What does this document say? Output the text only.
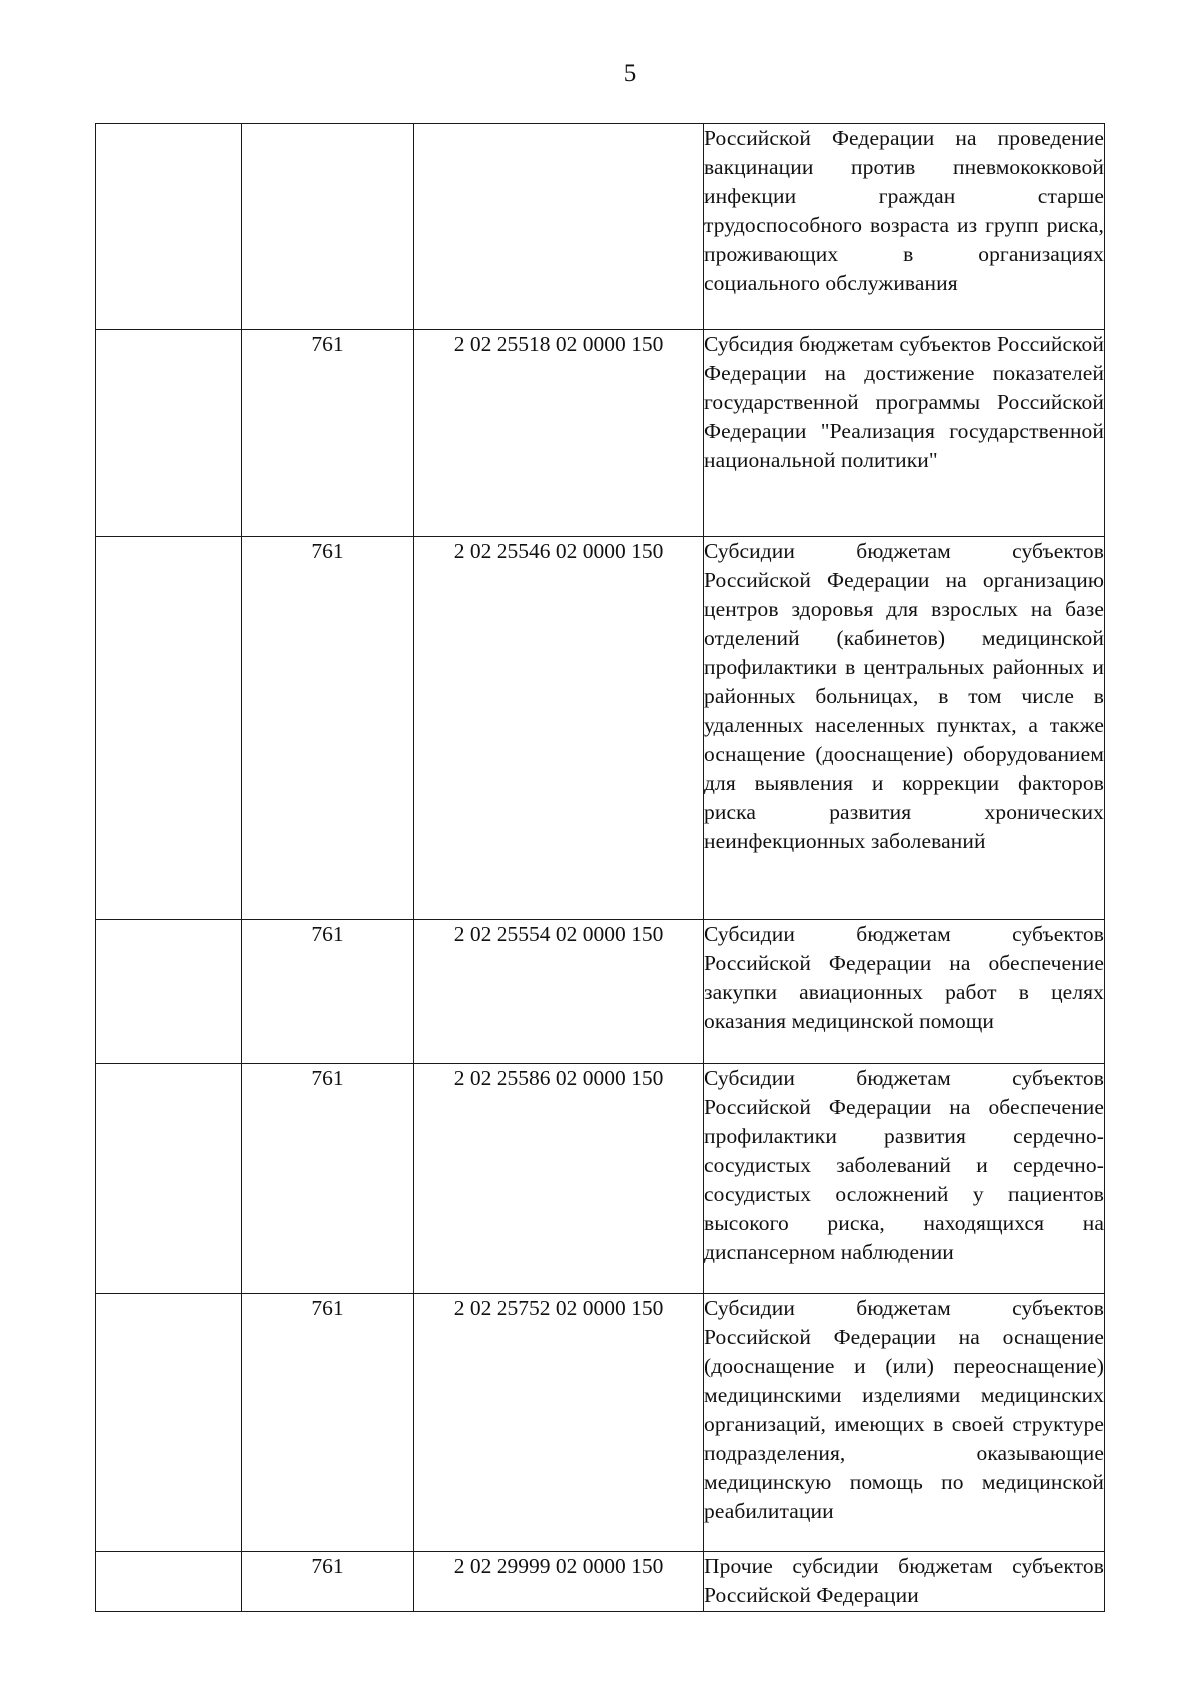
5
			Российской Федерации на проведение вакцинации против пневмококковой инфекции граждан старше трудоспособного возраста из групп риска, проживающих в организациях социального обслуживания
	761	2 02 25518 02 0000 150	Субсидия бюджетам субъектов Российской Федерации на достижение показателей государственной программы Российской Федерации "Реализация государственной национальной политики"
	761	2 02 25546 02 0000 150	Субсидии бюджетам субъектов Российской Федерации на организацию центров здоровья для взрослых на базе отделений (кабинетов) медицинской профилактики в центральных районных и районных больницах, в том числе в удаленных населенных пунктах, а также оснащение (дооснащение) оборудованием для выявления и коррекции факторов риска развития хронических неинфекционных заболеваний
	761	2 02 25554 02 0000 150	Субсидии бюджетам субъектов Российской Федерации на обеспечение закупки авиационных работ в целях оказания медицинской помощи
	761	2 02 25586 02 0000 150	Субсидии бюджетам субъектов Российской Федерации на обеспечение профилактики развития сердечно-сосудистых заболеваний и сердечно-сосудистых осложнений у пациентов высокого риска, находящихся на диспансерном наблюдении
	761	2 02 25752 02 0000 150	Субсидии бюджетам субъектов Российской Федерации на оснащение (дооснащение и (или) переоснащение) медицинскими изделиями медицинских организаций, имеющих в своей структуре подразделения, оказывающие медицинскую помощь по медицинской реабилитации
	761	2 02 29999 02 0000 150	Прочие субсидии бюджетам субъектов Российской Федерации
